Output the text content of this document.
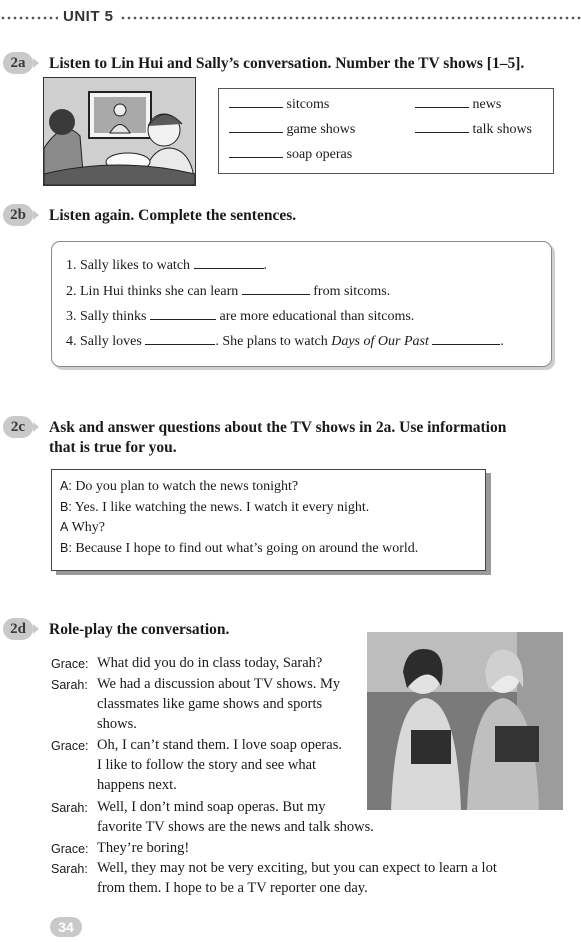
UNIT 5
2a	Listen to Lin Hui and Sally’s conversation. Number the TV shows [1–5].
sitcoms	news
game shows	talk shows
soap operas
2b	Listen again. Complete the sentences.
1. Sally likes to watch	.
2. Lin Hui thinks she can learn	from sitcoms.
3. Sally thinks	are more educational than sitcoms.
4. Sally loves	. She plans to watch Days of Our Past	.
2c	Ask and answer questions about the TV shows in 2a. Use information
that is true for you.
A: Do you plan to watch the news tonight?
B: Yes. I like watching the news. I watch it every night.
A Why?
B: Because I hope to find out what’s going on around the world.
2d	Role-play the conversation.
Grace: What did you do in class today, Sarah?
Sarah: We had a discussion about TV shows. My
classmates like game shows and sports
shows.
Grace: Oh, I can’t stand them. I love soap operas.
I like to follow the story and see what
happens next.
Sarah: Well, I don’t mind soap operas. But my
favorite TV shows are the news and talk shows.
Grace: They’re boring!
Sarah: Well, they may not be very exciting, but you can expect to learn a lot
from them. I hope to be a TV reporter one day.
34
